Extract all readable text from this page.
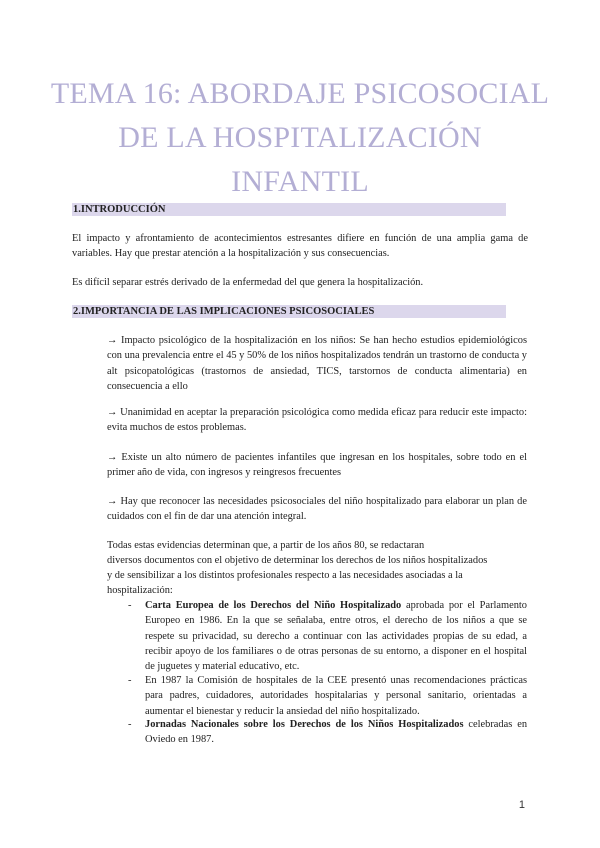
TEMA 16: ABORDAJE PSICOSOCIAL
DE LA HOSPITALIZACIÓN
INFANTIL
1.INTRODUCCIÓN
El impacto y afrontamiento de acontecimientos estresantes difiere en función de una amplia gama de variables. Hay que prestar atención a la hospitalización y sus consecuencias.
Es difícil separar estrés derivado de la enfermedad del que genera la hospitalización.
2.IMPORTANCIA DE LAS IMPLICACIONES PSICOSOCIALES
→ Impacto psicológico de la hospitalización en los niños: Se han hecho estudios epidemiológicos con una prevalencia entre el 45 y 50% de los niños hospitalizados tendrán un trastorno de conducta y alt psicopatológicas (trastornos de ansiedad, TICS, tarstornos de conducta alimentaria) en consecuencia a ello
→ Unanimidad en aceptar la preparación psicológica como medida eficaz para reducir este impacto: evita muchos de estos problemas.
→ Existe un alto número de pacientes infantiles que ingresan en los hospitales, sobre todo en el primer año de vida, con ingresos y reingresos frecuentes
→ Hay que reconocer las necesidades psicosociales del niño hospitalizado para elaborar un plan de cuidados con el fin de dar una atención integral.
Todas estas evidencias determinan que, a partir de los años 80, se redactaran
diversos documentos con el objetivo de determinar los derechos de los niños hospitalizados
y de sensibilizar a los distintos profesionales respecto a las necesidades asociadas a la
hospitalización:
- Carta Europea de los Derechos del Niño Hospitalizado aprobada por el Parlamento Europeo en 1986. En la que se señalaba, entre otros, el derecho de los niños a que se respete su privacidad, su derecho a continuar con las actividades propias de su edad, a recibir apoyo de los familiares o de otras personas de su entorno, a disponer en el hospital de juguetes y material educativo, etc.
- En 1987 la Comisión de hospitales de la CEE presentó unas recomendaciones prácticas para padres, cuidadores, autoridades hospitalarias y personal sanitario, orientadas a aumentar el bienestar y reducir la ansiedad del niño hospitalizado.
- Jornadas Nacionales sobre los Derechos de los Niños Hospitalizados celebradas en Oviedo en 1987.
1
